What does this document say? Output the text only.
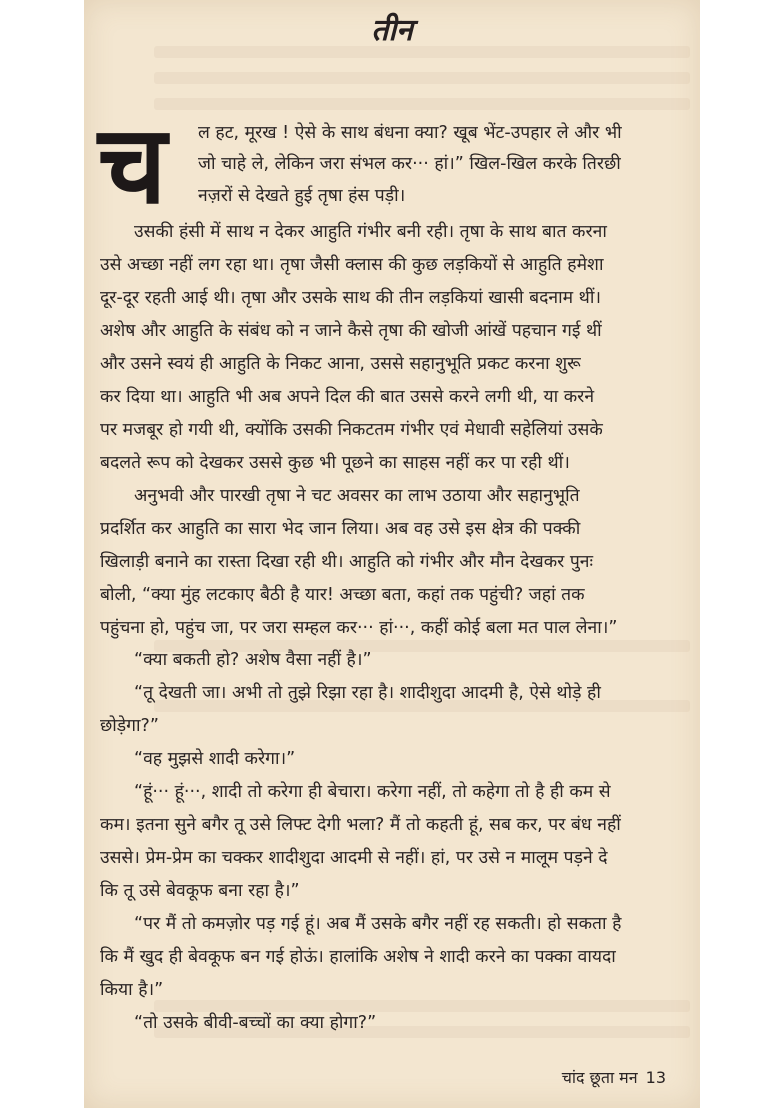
तीन
च ल हट, मूरख ! ऐसे के साथ बंधना क्या? खूब भेंट-उपहार ले और भी
जो चाहे ले, लेकिन जरा संभल कर··· हां।” खिल-खिल करके तिरछी
नज़रों से देखते हुई तृषा हंस पड़ी।
उसकी हंसी में साथ न देकर आहुति गंभीर बनी रही। तृषा के साथ बात करना
उसे अच्छा नहीं लग रहा था। तृषा जैसी क्लास की कुछ लड़कियों से आहुति हमेशा
दूर-दूर रहती आई थी। तृषा और उसके साथ की तीन लड़कियां खासी बदनाम थीं।
अशेष और आहुति के संबंध को न जाने कैसे तृषा की खोजी आंखें पहचान गई थीं
और उसने स्वयं ही आहुति के निकट आना, उससे सहानुभूति प्रकट करना शुरू
कर दिया था। आहुति भी अब अपने दिल की बात उससे करने लगी थी, या करने
पर मजबूर हो गयी थी, क्योंकि उसकी निकटतम गंभीर एवं मेधावी सहेलियां उसके
बदलते रूप को देखकर उससे कुछ भी पूछने का साहस नहीं कर पा रही थीं।
अनुभवी और पारखी तृषा ने चट अवसर का लाभ उठाया और सहानुभूति
प्रदर्शित कर आहुति का सारा भेद जान लिया। अब वह उसे इस क्षेत्र की पक्की
खिलाड़ी बनाने का रास्ता दिखा रही थी। आहुति को गंभीर और मौन देखकर पुनः
बोली, “क्या मुंह लटकाए बैठी है यार! अच्छा बता, कहां तक पहुंची? जहां तक
पहुंचना हो, पहुंच जा, पर जरा सम्हल कर··· हां···, कहीं कोई बला मत पाल लेना।”
“क्या बकती हो? अशेष वैसा नहीं है।”
“तू देखती जा। अभी तो तुझे रिझा रहा है। शादीशुदा आदमी है, ऐसे थोड़े ही
छोड़ेगा?”
“वह मुझसे शादी करेगा।”
“हूं··· हूं···, शादी तो करेगा ही बेचारा। करेगा नहीं, तो कहेगा तो है ही कम से
कम। इतना सुने बगैर तू उसे लिफ्ट देगी भला? मैं तो कहती हूं, सब कर, पर बंध नहीं
उससे। प्रेम-प्रेम का चक्कर शादीशुदा आदमी से नहीं। हां, पर उसे न मालूम पड़ने दे
कि तू उसे बेवकूफ बना रहा है।”
“पर मैं तो कमज़ोर पड़ गई हूं। अब मैं उसके बगैर नहीं रह सकती। हो सकता है
कि मैं खुद ही बेवकूफ बन गई होऊं। हालांकि अशेष ने शादी करने का पक्का वायदा
किया है।”
“तो उसके बीवी-बच्चों का क्या होगा?”
चांद छूता मन 13
